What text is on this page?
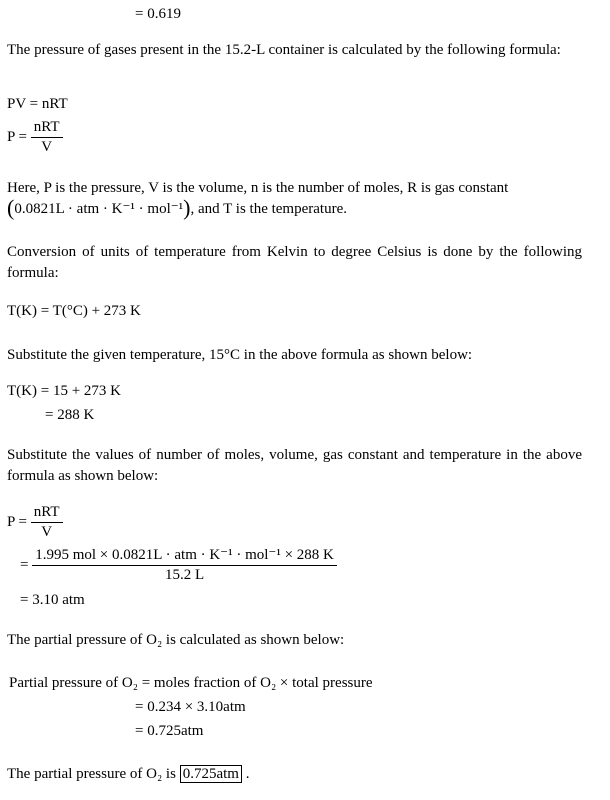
= 0.619
The pressure of gases present in the 15.2-L container is calculated by the following formula:
PV = nRT
$P = \frac{\text{nRT}}{V}$
Here, P is the pressure, V is the volume, n is the number of moles, R is gas constant
(0.0821L · atm · K⁻¹ · mol⁻¹), and T is the temperature.
Conversion of units of temperature from Kelvin to degree Celsius is done by the following formula:
T(K) = T(°C) + 273 K
Substitute the given temperature, 15°C in the above formula as shown below:
T(K) = 15 + 273 K
= 288 K
Substitute the values of number of moles, volume, gas constant and temperature in the above formula as shown below:
$P = \frac{\text{nRT}}{V}$
= $\frac{\text{1.995 mol × 0.0821L · atm · K⁻¹ · mol⁻¹ × 288 K}}{15.2 L}$
= 3.10 atm
The partial pressure of O₂ is calculated as shown below:
Partial pressure of O₂ = moles fraction of O₂ × total pressure
= 0.234 × 3.10atm
= 0.725atm
The partial pressure of O₂ is 0.725atm .
